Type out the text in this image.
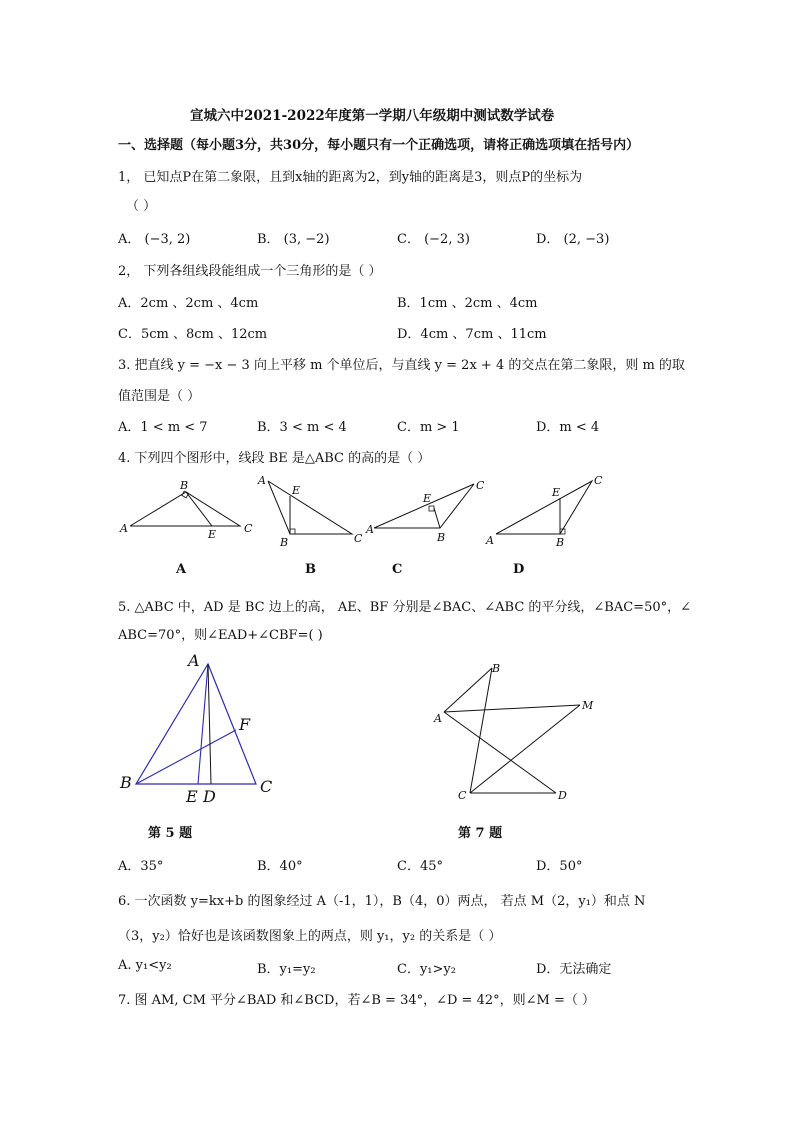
宣城六中2021-2022年度第一学期八年级期中测试数学试卷
一、选择题（每小题3分，共30分，每小题只有一个正确选项，请将正确选项填在括号内）
1， 已知点P在第二象限，且到x轴的距离为2，到y轴的距离是3，则点P的坐标为
（ ）
A． (−3, 2)	B． (3, −2)	C． (−2, 3)	D． (2, −3)
2， 下列各组线段能组成一个三角形的是（ ）
A．2cm 、2cm 、4cm	B．1cm 、2cm 、4cm
C．5cm 、8cm 、12cm	D．4cm 、7cm 、11cm
3. 把直线 y = −x − 3 向上平移 m 个单位后，与直线 y = 2x + 4 的交点在第二象限，则 m 的取
值范围是（ ）
A．1 < m < 7	B．3 < m < 4	C．m > 1	D．m < 4
4. 下列四个图形中，线段 BE 是△ABC 的高的是（ ）
A
B
C
E
A
B	C
E
A
B
C
E
A	B
C
E
A	B	C	D
5. △ABC 中，AD 是 BC 边上的高， AE、BF 分别是∠BAC、∠ABC 的平分线，∠BAC=50°，∠
ABC=70°，则∠EAD+∠CBF=( )
A
B	C
D
E
F	A
B
C	D
M
第 5 题	第 7 题
A．35°	B．40°	C．45°	D．50°
6. 一次函数 y=kx+b 的图象经过 A（-1，1），B（4，0）两点， 若点 M（2，y₁）和点 N
（3，y₂）恰好也是该函数图象上的两点，则 y₁，y₂ 的关系是（ ）
A. y₁<y₂	B．y₁=y₂	C．y₁>y₂	D．无法确定
7. 图 AM, CM 平分∠BAD 和∠BCD，若∠B = 34°，∠D = 42°，则∠M =（ ）
